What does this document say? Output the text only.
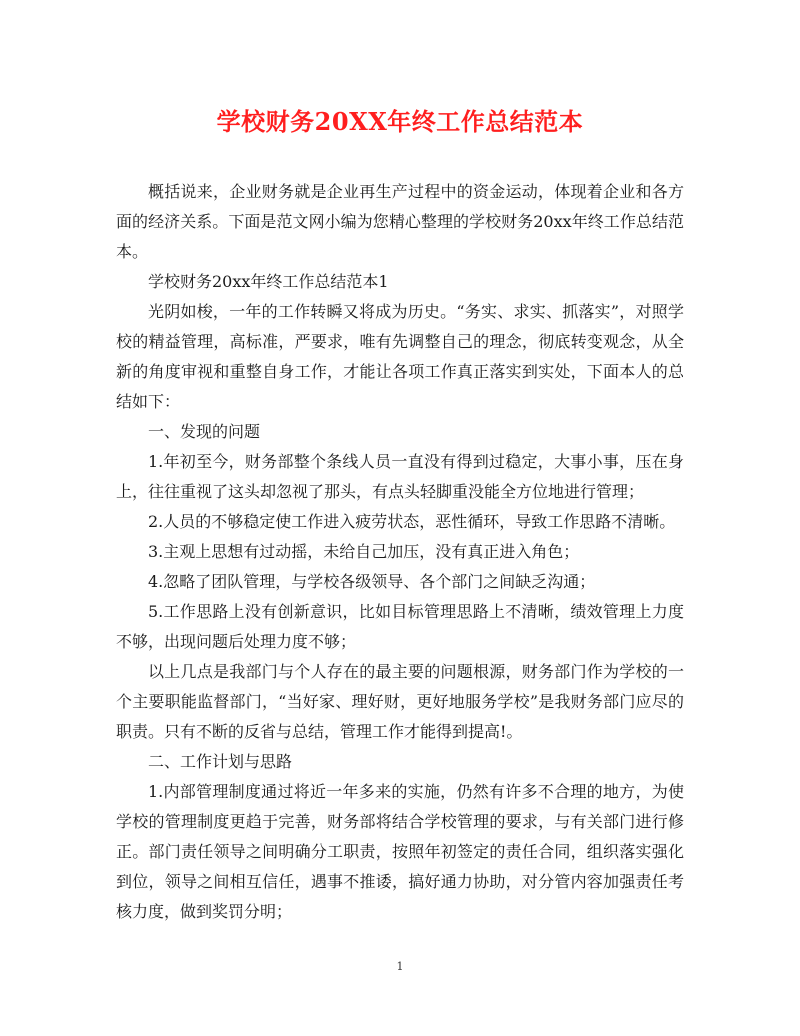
学校财务20XX年终工作总结范本

概括说来，企业财务就是企业再生产过程中的资金运动，体现着企业和各方面的经济关系。下面是范文网小编为您精心整理的学校财务20xx年终工作总结范本。

学校财务20xx年终工作总结范本1

光阴如梭，一年的工作转瞬又将成为历史。“务实、求实、抓落实”，对照学校的精益管理，高标准，严要求，唯有先调整自己的理念，彻底转变观念，从全新的角度审视和重整自身工作，才能让各项工作真正落实到实处，下面本人的总结如下：

一、发现的问题

1.年初至今，财务部整个条线人员一直没有得到过稳定，大事小事，压在身上，往往重视了这头却忽视了那头，有点头轻脚重没能全方位地进行管理；

2.人员的不够稳定使工作进入疲劳状态，恶性循环，导致工作思路不清晰。

3.主观上思想有过动摇，未给自己加压，没有真正进入角色；

4.忽略了团队管理，与学校各级领导、各个部门之间缺乏沟通；

5.工作思路上没有创新意识，比如目标管理思路上不清晰，绩效管理上力度不够，出现问题后处理力度不够；

以上几点是我部门与个人存在的最主要的问题根源，财务部门作为学校的一个主要职能监督部门，“当好家、理好财，更好地服务学校”是我财务部门应尽的职责。只有不断的反省与总结，管理工作才能得到提高!。

二、工作计划与思路

1.内部管理制度通过将近一年多来的实施，仍然有许多不合理的地方，为使学校的管理制度更趋于完善，财务部将结合学校管理的要求，与有关部门进行修正。部门责任领导之间明确分工职责，按照年初签定的责任合同，组织落实强化到位，领导之间相互信任，遇事不推诿，搞好通力协助，对分管内容加强责任考核力度，做到奖罚分明；

1
